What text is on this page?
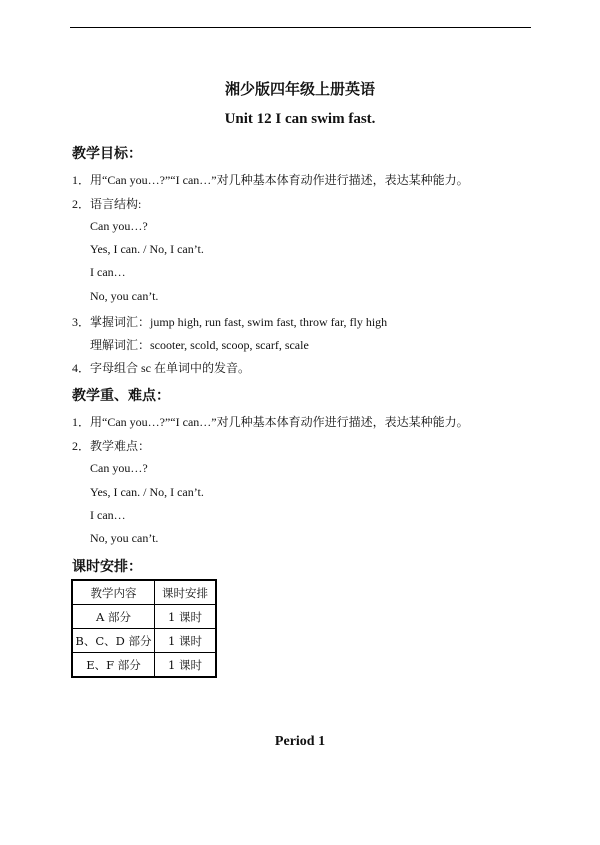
湘少版四年级上册英语
Unit 12 I can swim fast.
教学目标：
1．用“Can you…?”“I can…”对几种基本体育动作进行描述，表达某种能力。
2．语言结构:
Can you…?
Yes, I can. / No, I can’t.
I can…
No, you can’t.
3．掌握词汇：jump high, run fast, swim fast, throw far, fly high
理解词汇：scooter, scold, scoop, scarf, scale
4．字母组合 sc 在单词中的发音。
教学重、难点：
1．用“Can you…?”“I can…”对几种基本体育动作进行描述，表达某种能力。
2．教学难点：
Can you…?
Yes, I can. / No, I can’t.
I can…
No, you can’t.
课时安排：
教学内容	课时安排
A 部分	1 课时
B、C、D 部分	1 课时
E、F 部分	1 课时
Period 1
